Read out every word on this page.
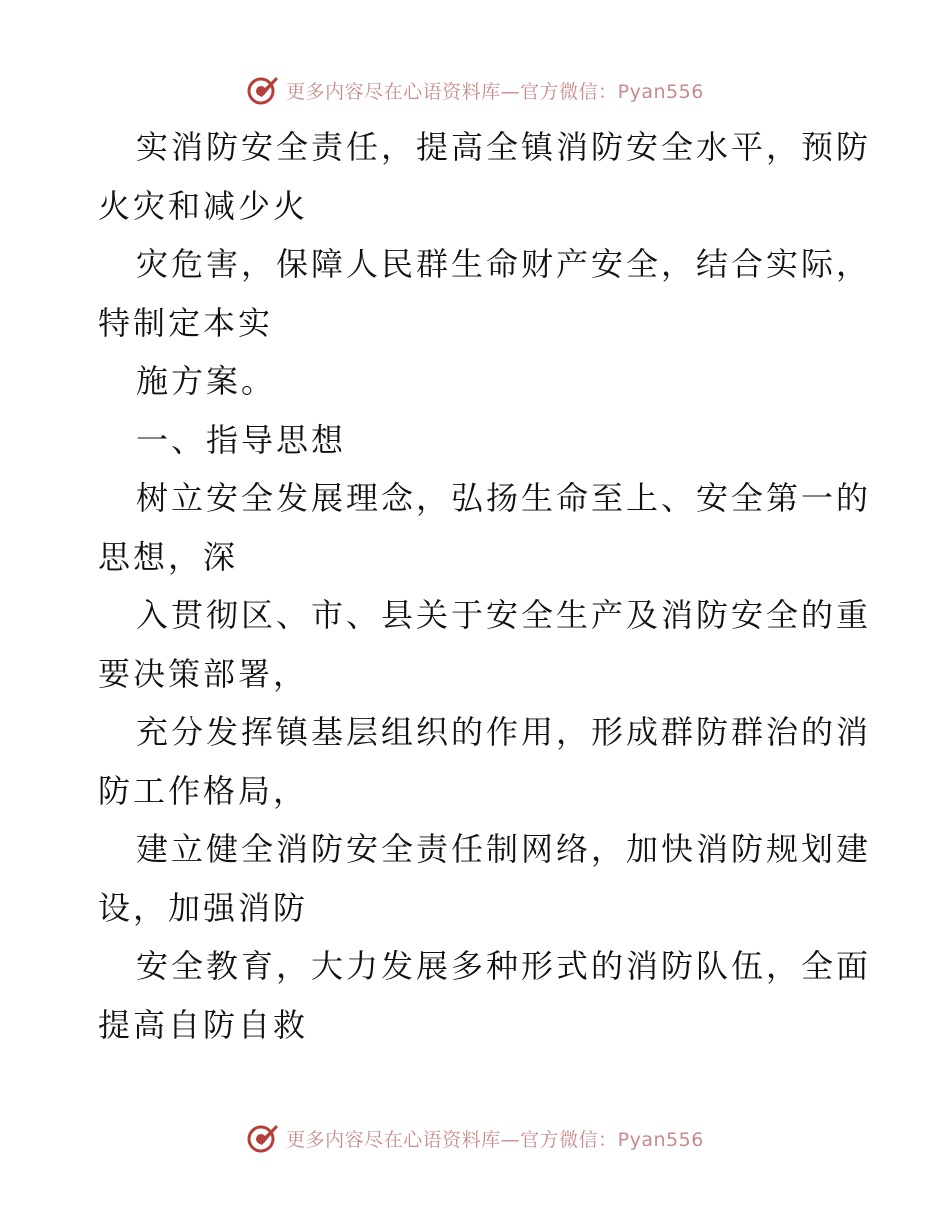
更多内容尽在心语资料库—官方微信：Pyan556
实消防安全责任，提高全镇消防安全水平，预防
火灾和减少火
灾危害，保障人民群生命财产安全，结合实际，
特制定本实
施方案。
一、指导思想
树立安全发展理念，弘扬生命至上、安全第一的
思想，深
入贯彻区、市、县关于安全生产及消防安全的重
要决策部署，
充分发挥镇基层组织的作用，形成群防群治的消
防工作格局，
建立健全消防安全责任制网络，加快消防规划建
设，加强消防
安全教育，大力发展多种形式的消防队伍，全面
提高自防自救
更多内容尽在心语资料库—官方微信：Pyan556
